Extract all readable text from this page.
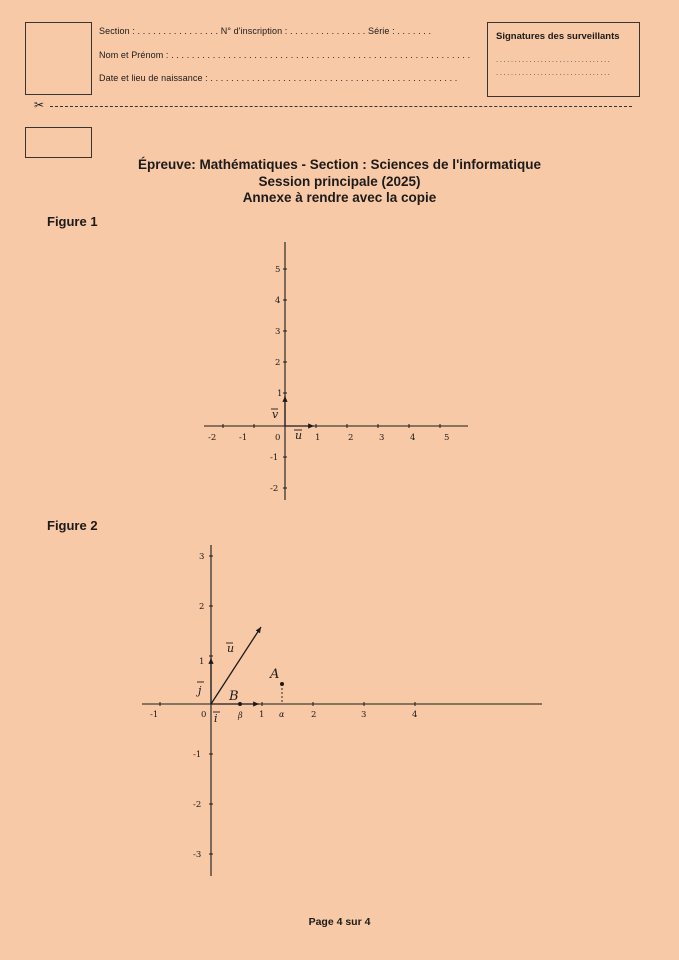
Section : . . . . . . . . . . . . . . . . N° d'inscription : . . . . . . . . . . . . . . . Série : . . . . . . .
Nom et Prénom : . . . . . . . . . . . . . . . . . . . . . . . . . . . . . . . . . . . . . . . . . . . . . . . . . . . . . . . . . .
Date et lieu de naissance : . . . . . . . . . . . . . . . . . . . . . . . . . . . . . . . . . . . . . . . . . . . . . . . .
Signatures des surveillants
...............................
...............................
✂
Épreuve: Mathématiques - Section : Sciences de l'informatique
Session principale (2025)
Annexe à rendre avec la copie
Figure 1
Figure 2
-2	-1	1	2	3	4	5
0
5
4
3
2
1
-1
-2
u
v
-1	1	2	3	4
0
3
2
1
-1
-2
-3
i
j
u
A
B
α
β
Page 4 sur 4
